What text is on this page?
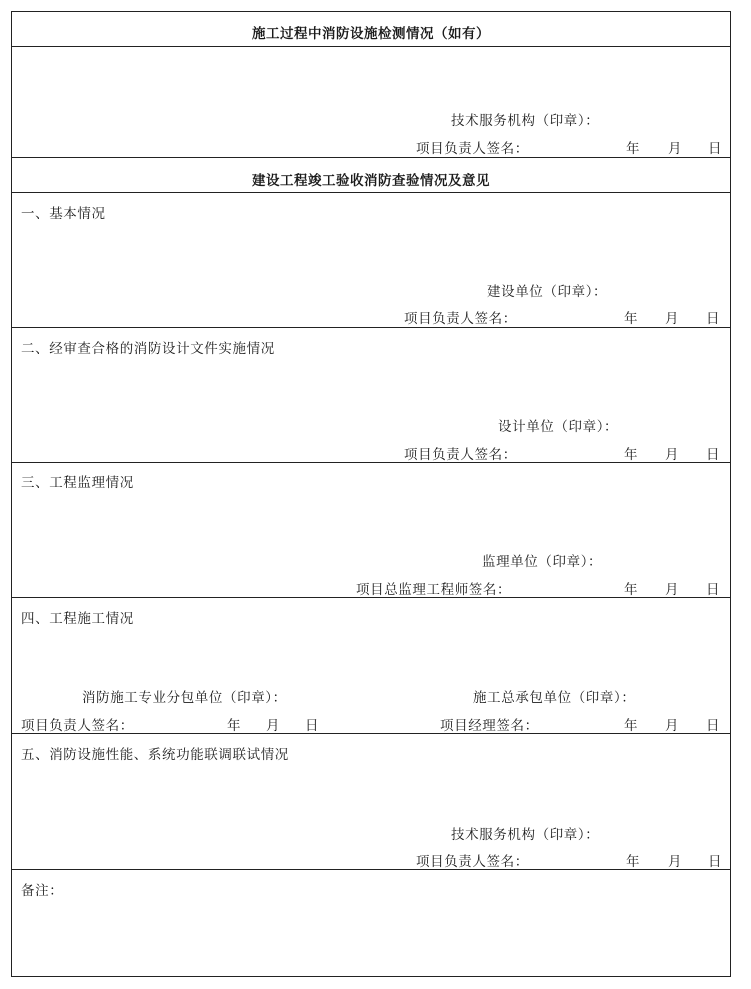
施工过程中消防设施检测情况（如有）
技术服务机构（印章）：
项目负责人签名：	年 月 日
建设工程竣工验收消防查验情况及意见
一、基本情况
建设单位（印章）：
项目负责人签名：	年 月 日
二、经审查合格的消防设计文件实施情况
设计单位（印章）：
项目负责人签名：	年 月 日
三、工程监理情况
监理单位（印章）：
项目总监理工程师签名：	年 月 日
四、工程施工情况
消防施工专业分包单位（印章）：	施工总承包单位（印章）：
项目负责人签名：	年 月 日	项目经理签名：	年 月 日
五、消防设施性能、系统功能联调联试情况
技术服务机构（印章）：
项目负责人签名：	年 月 日
备注：
